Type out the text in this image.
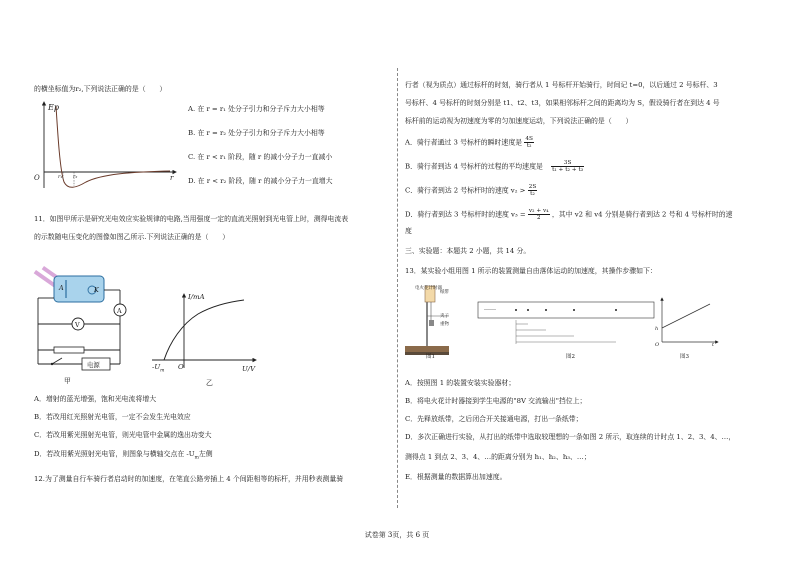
的横坐标值为r₂,下列说法正确的是（　　）
Ep
O	r
r₁ r₂
A. 在 r = r₁ 处分子引力和分子斥力大小相等
B. 在 r = r₂ 处分子引力和分子斥力大小相等
C. 在 r < r₁ 阶段，随 r 的减小分子力一直减小
D. 在 r < r₂ 阶段，随 r 的减小分子力一直增大
11．如图甲所示是研究光电效应实验规律的电路,当用强度一定的直流光照射到光电管上时，测得电流表
的示数随电压变化的图像如图乙所示.下列说法正确的是（　　）
A	K
A
V
电源
甲
I/mA
U/V
$-U_m$ O
乙
A．增射的蓝光增强，饱和光电流将增大
B．若改用红光照射光电管，一定不会发生光电效应
C．若改用紫光照射光电管，则光电管中金属的逸出功变大
D．若改用紫光照射光电管，则图象与横轴交点在 $-U_m$左侧
12.为了测量自行车骑行者启动时的加速度，在笔直公路旁插上 4 个间距相等的标杆，并用秒表测量骑
行者（视为质点）通过标杆的时刻，骑行者从 1 号标杆开始骑行，时间记 t=0，以后通过 2 号标杆、3
号标杆、4 号标杆的时刻分别是 t1、t2、t3，如果相邻标杆之间的距离均为 S，假设骑行者在到达 4 号
标杆前的运动视为初速度为零的匀加速度运动，下列说法正确的是（　　）
A．骑行者通过 3 号标杆的瞬时速度是 $\frac{4S}{\text{t₂}}$
B．骑行者到达 4 号标杆的过程的平均速度是 $\frac{3S}{\text{t₁ + t₂ + t₃}}$
C．骑行者到达 2 号标杆时的速度 $v_2 > \frac{2S}{\text{t₂}}$
D．骑行者到达 3 号标杆时的速度 $v_3 = \frac{\text{v₂ + v₄}}{2}$ ，其中 v2 和 v4 分别是骑行者到达 2 号和 4 号标杆时的速
度
三、实验题：本题共 2 小题，共 14 分。
13．某实验小组用图 1 所示的装置测量自由落体运动的加速度，其操作步骤如下：
电火花计时器
纸带
夹子
重物
图1
……
图2
h
O	t
图3
A．按照图 1 的装置安装实验器材；
B．将电火花计时器接到学生电源的"8V 交流输出"挡位上；
C．先释放纸带，之后闭合开关接通电源，打出一条纸带；
D．多次正确进行实验，从打出的纸带中选取较理想的一条如图 2 所示，取连续的计时点 1、2、3、4、…，
测得点 1 到点 2、3、4、…的距离分别为 h₁、h₂、h₃、…；
E．根据测量的数据算出加速度。
试卷第 3页，共 6 页
